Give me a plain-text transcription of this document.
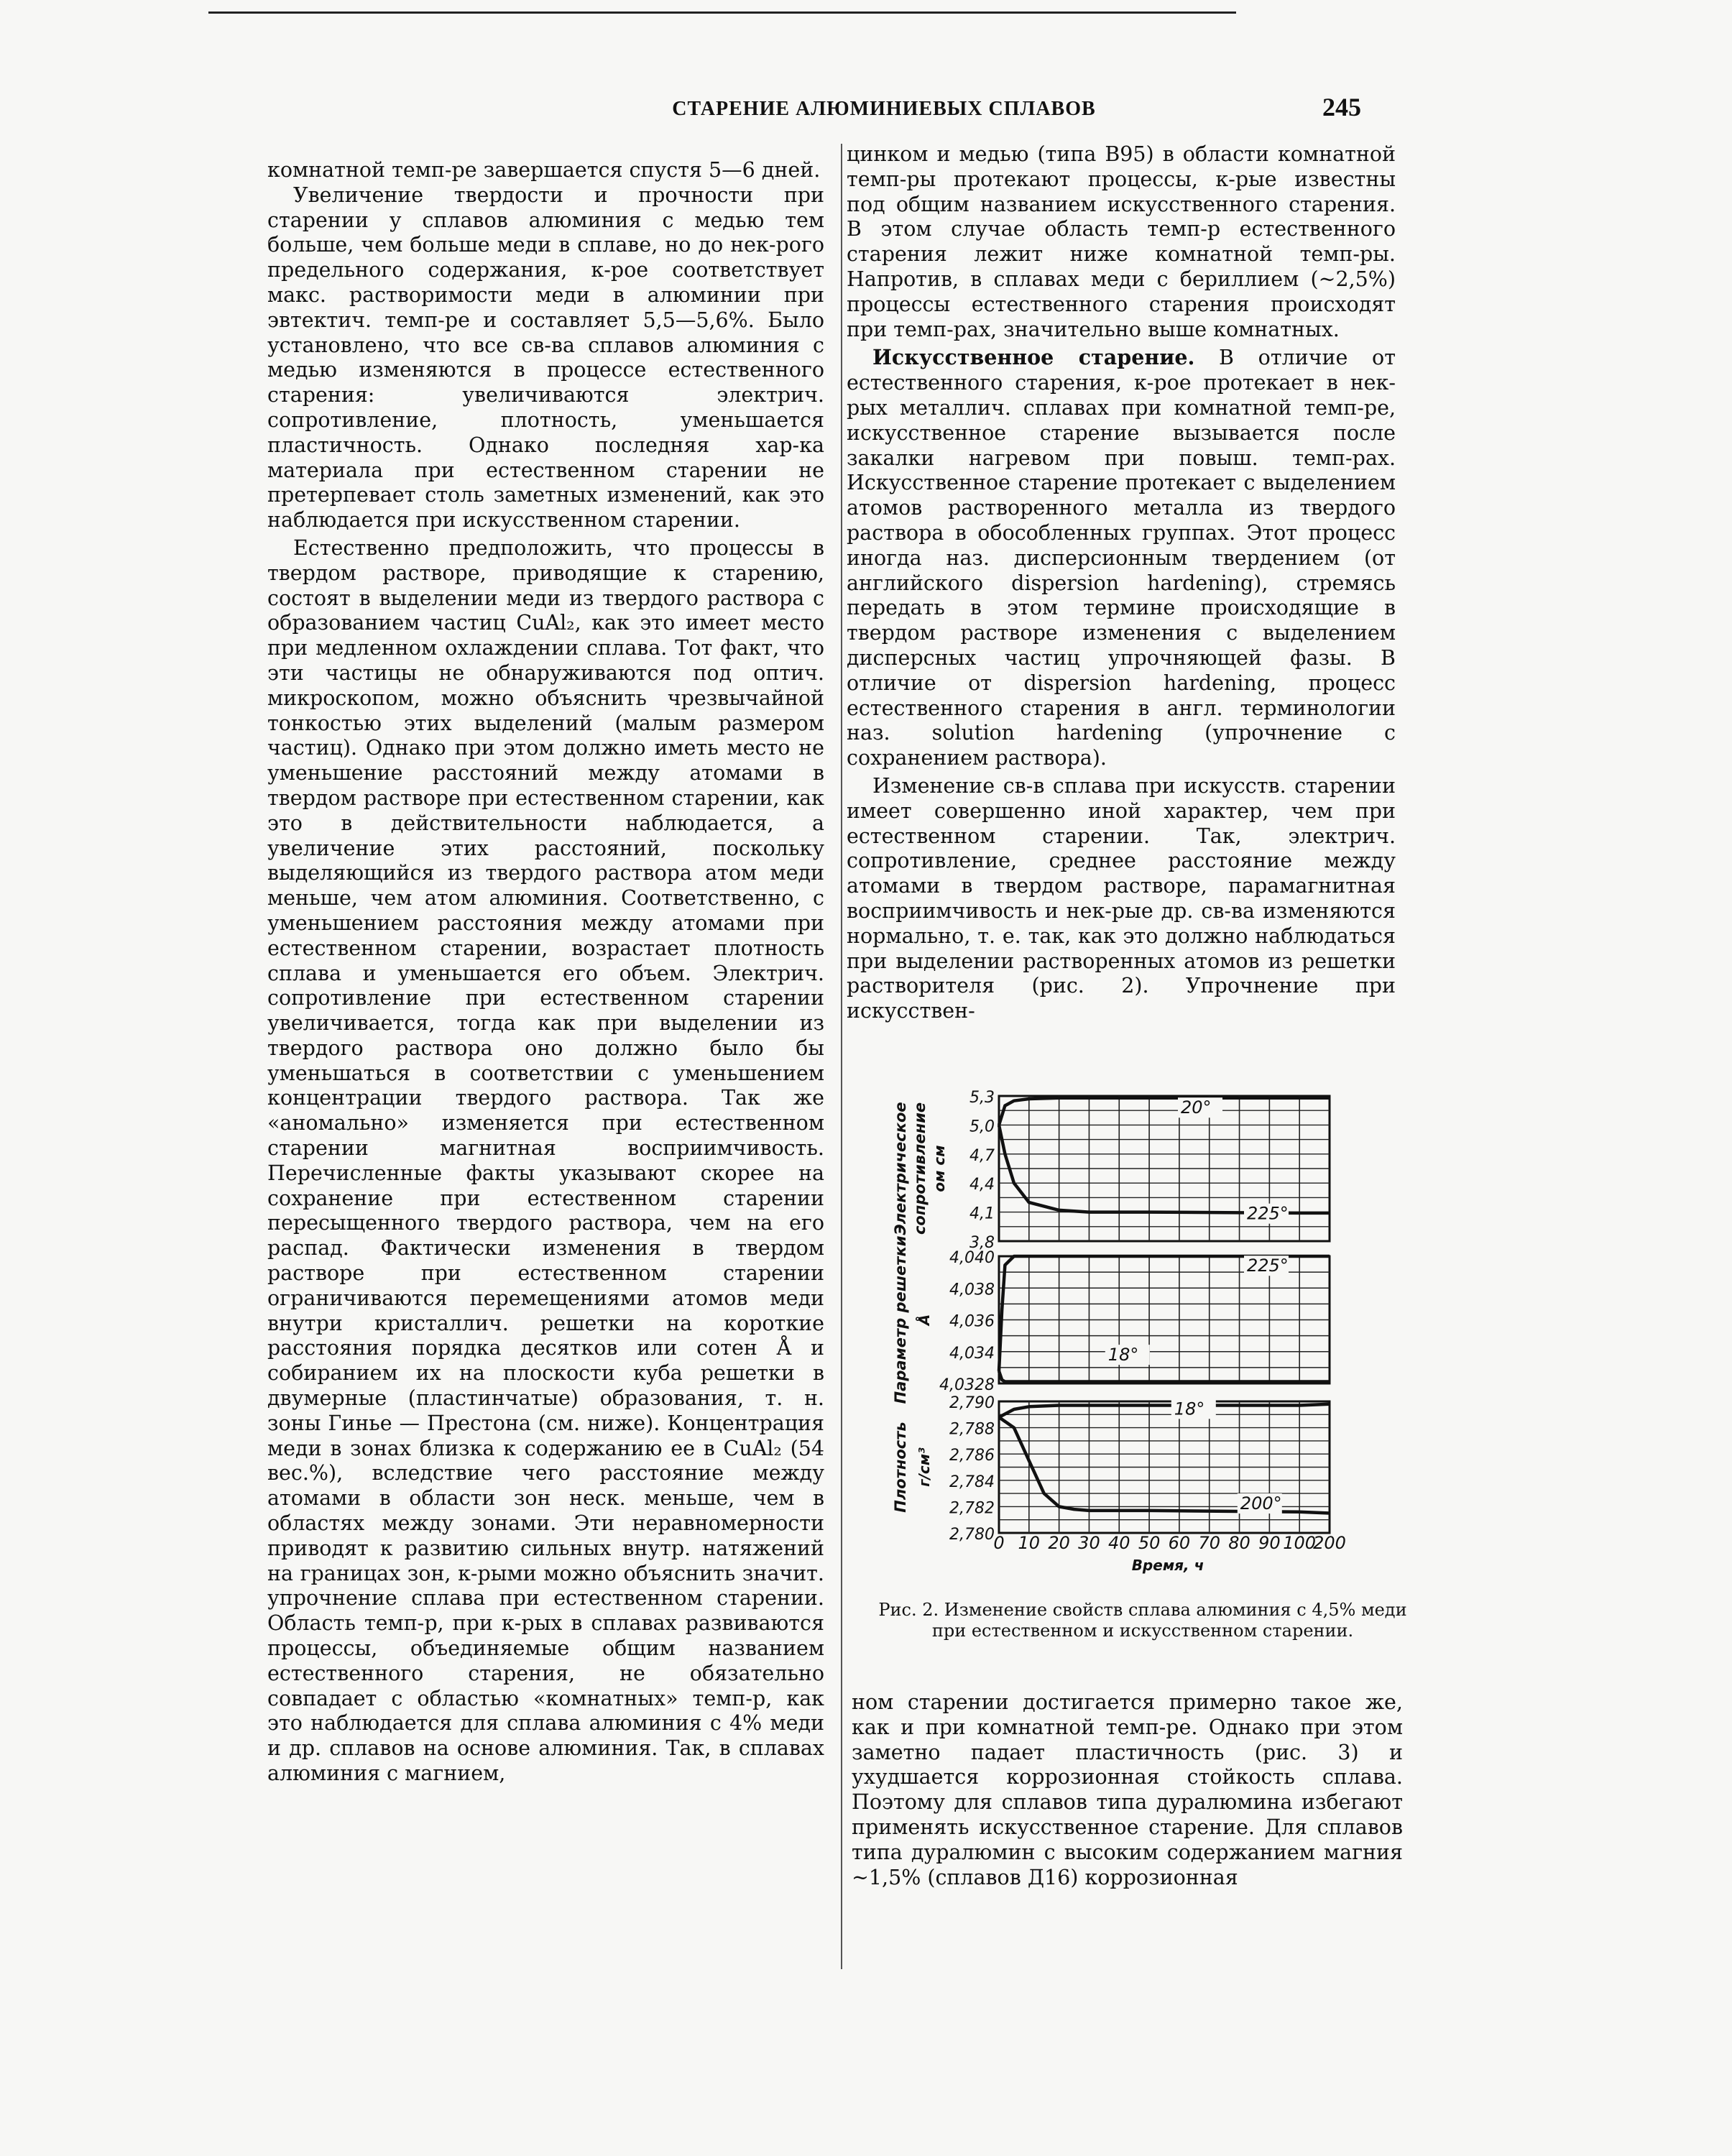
СТАРЕНИЕ АЛЮМИНИЕВЫХ СПЛАВОВ	245

комнатной темп-ре завершается спустя 5—6 дней.

Увеличение твердости и прочности при старении у сплавов алюминия с медью тем больше, чем больше меди в сплаве, но до нек-рого предельного содержания, к-рое соответствует макс. растворимости меди в алюминии при эвтектич. темп-ре и составляет 5,5—5,6%. Было установлено, что все св-ва сплавов алюминия с медью изменяются в процессе естественного старения: увеличиваются электрич. сопротивление, плотность, уменьшается пластичность. Однако последняя хар-ка материала при естественном старении не претерпевает столь заметных изменений, как это наблюдается при искусственном старении.

Естественно предположить, что процессы в твердом растворе, приводящие к старению, состоят в выделении меди из твердого раствора с образованием частиц CuAl₂, как это имеет место при медленном охлаждении сплава. Тот факт, что эти частицы не обнаруживаются под оптич. микроскопом, можно объяснить чрезвычайной тонкостью этих выделений (малым размером частиц). Однако при этом должно иметь место не уменьшение расстояний между атомами в твердом растворе при естественном старении, как это в действительности наблюдается, а увеличение этих расстояний, поскольку выделяющийся из твердого раствора атом меди меньше, чем атом алюминия. Соответственно, с уменьшением расстояния между атомами при естественном старении, возрастает плотность сплава и уменьшается его объем. Электрич. сопротивление при естественном старении увеличивается, тогда как при выделении из твердого раствора оно должно было бы уменьшаться в соответствии с уменьшением концентрации твердого раствора. Так же «аномально» изменяется при естественном старении магнитная восприимчивость. Перечисленные факты указывают скорее на сохранение при естественном старении пересыщенного твердого раствора, чем на его распад. Фактически изменения в твердом растворе при естественном старении ограничиваются перемещениями атомов меди внутри кристаллич. решетки на короткие расстояния порядка десятков или сотен Å и собиранием их на плоскости куба решетки в двумерные (пластинчатые) образования, т. н. зоны Гинье — Престона (см. ниже). Концентрация меди в зонах близка к содержанию ее в CuAl₂ (54 вес.%), вследствие чего расстояние между атомами в области зон неск. меньше, чем в областях между зонами. Эти неравномерности приводят к развитию сильных внутр. натяжений на границах зон, к-рыми можно объяснить значит. упрочнение сплава при естественном старении. Область темп-р, при к-рых в сплавах развиваются процессы, объединяемые общим названием естественного старения, не обязательно совпадает с областью «комнатных» темп-р, как это наблюдается для сплава алюминия с 4% меди и др. сплавов на основе алюминия. Так, в сплавах алюминия с магнием,

цинком и медью (типа В95) в области комнатной темп-ры протекают процессы, к-рые известны под общим названием искусственного старения. В этом случае область темп-р естественного старения лежит ниже комнатной темп-ры. Напротив, в сплавах меди с бериллием (~2,5%) процессы естественного старения происходят при темп-рах, значительно выше комнатных.

Искусственное старение. В отличие от естественного старения, к-рое протекает в нек-рых металлич. сплавах при комнатной темп-ре, искусственное старение вызывается после закалки нагревом при повыш. темп-рах. Искусственное старение протекает с выделением атомов растворенного металла из твердого раствора в обособленных группах. Этот процесс иногда наз. дисперсионным твердением (от английского dispersion hardening), стремясь передать в этом термине происходящие в твердом растворе изменения с выделением дисперсных частиц упрочняющей фазы. В отличие от dispersion hardening, процесс естественного старения в англ. терминологии наз. solution hardening (упрочнение с сохранением раствора).

Изменение св-в сплава при искусств. старении имеет совершенно иной характер, чем при естественном старении. Так, электрич. сопротивление, среднее расстояние между атомами в твердом растворе, парамагнитная восприимчивость и нек-рые др. св-ва изменяются нормально, т. е. так, как это должно наблюдаться при выделении растворенных атомов из решетки растворителя (рис. 2). Упрочнение при искусствен-

5,3
5,0
4,7
4,4
4,1
3,8
Электрическое сопротивление ом см
20°
225°
4,040
4,038
4,036
4,034
4,0328
Параметр решетки Å
225°
18°
2,790
2,788
2,786
2,784
2,782
2,780
Плотность г/см³
18°
200°
0 10 20 30 40 50 60 70 80 90 100
200
Время, ч
Рис. 2. Изменение свойств сплава алюминия с 4,5% меди при естественном и искусственном старении.

ном старении достигается примерно такое же, как и при комнатной темп-ре. Однако при этом заметно падает пластичность (рис. 3) и ухудшается коррозионная стойкость сплава. Поэтому для сплавов типа дуралюмина избегают применять искусственное старение. Для сплавов типа дуралюмин с высоким содержанием магния ~1,5% (сплавов Д16) коррозионная
